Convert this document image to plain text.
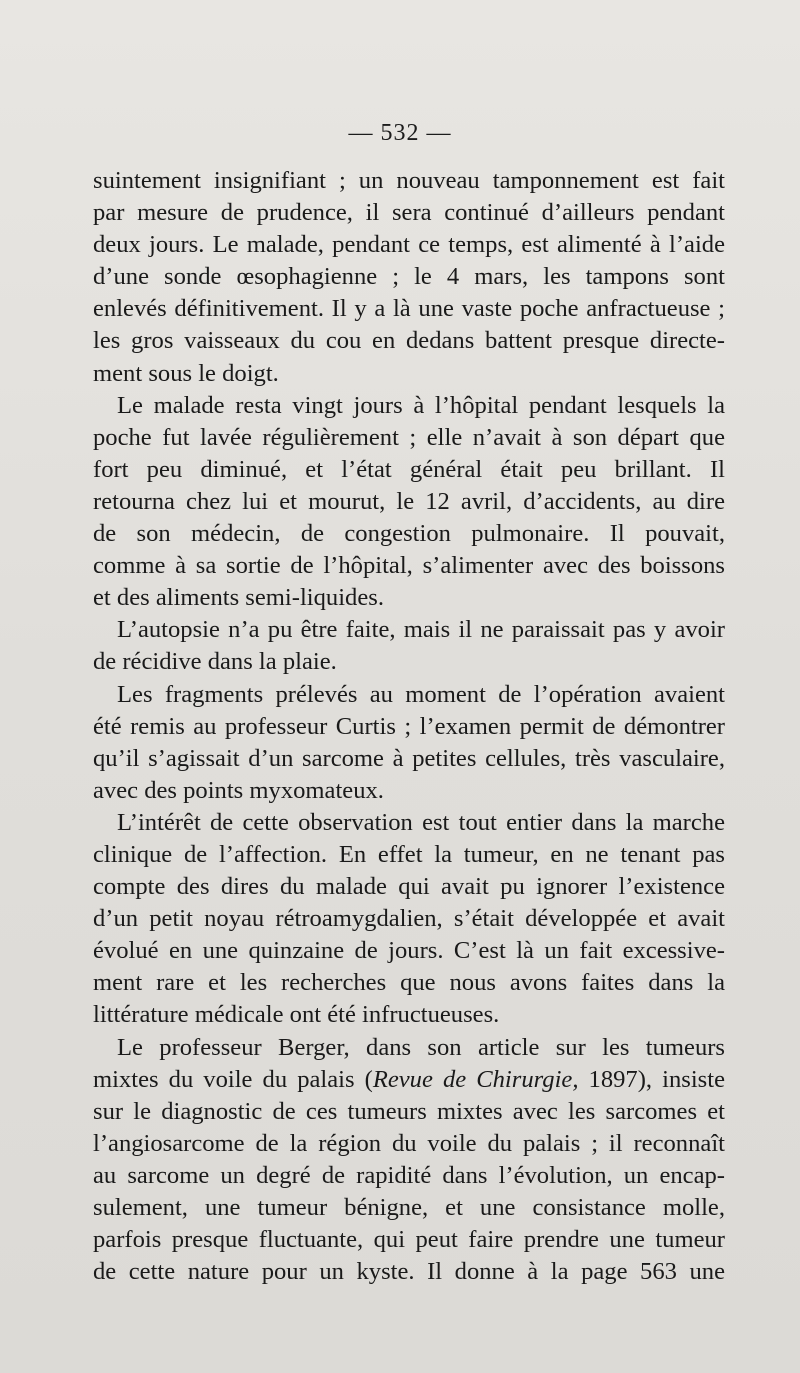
— 532 —
suintement insignifiant ; un nouveau tamponnement est fait
par mesure de prudence, il sera continué d’ailleurs pendant
deux jours. Le malade, pendant ce temps, est alimenté à l’aide
d’une sonde œsophagienne ; le 4 mars, les tampons sont
enlevés définitivement. Il y a là une vaste poche anfractueuse ;
les gros vaisseaux du cou en dedans battent presque directe-
ment sous le doigt.
Le malade resta vingt jours à l’hôpital pendant lesquels la
poche fut lavée régulièrement ; elle n’avait à son départ que
fort peu diminué, et l’état général était peu brillant. Il
retourna chez lui et mourut, le 12 avril, d’accidents, au dire
de son médecin, de congestion pulmonaire. Il pouvait,
comme à sa sortie de l’hôpital, s’alimenter avec des boissons
et des aliments semi-liquides.
L’autopsie n’a pu être faite, mais il ne paraissait pas y avoir
de récidive dans la plaie.
Les fragments prélevés au moment de l’opération avaient
été remis au professeur Curtis ; l’examen permit de démontrer
qu’il s’agissait d’un sarcome à petites cellules, très vasculaire,
avec des points myxomateux.
L’intérêt de cette observation est tout entier dans la marche
clinique de l’affection. En effet la tumeur, en ne tenant pas
compte des dires du malade qui avait pu ignorer l’existence
d’un petit noyau rétroamygdalien, s’était développée et avait
évolué en une quinzaine de jours. C’est là un fait excessive-
ment rare et les recherches que nous avons faites dans la
littérature médicale ont été infructueuses.
Le professeur Berger, dans son article sur les tumeurs
mixtes du voile du palais (Revue de Chirurgie, 1897), insiste
sur le diagnostic de ces tumeurs mixtes avec les sarcomes et
l’angiosarcome de la région du voile du palais ; il reconnaît
au sarcome un degré de rapidité dans l’évolution, un encap-
sulement, une tumeur bénigne, et une consistance molle,
parfois presque fluctuante, qui peut faire prendre une tumeur
de cette nature pour un kyste. Il donne à la page 563 une
